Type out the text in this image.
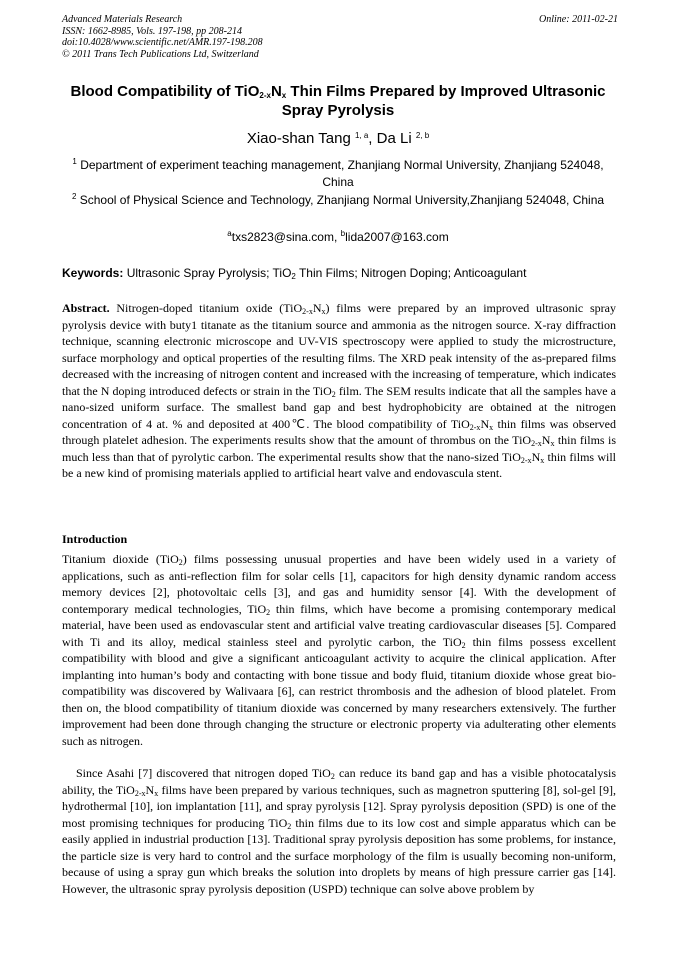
Advanced Materials Research
ISSN: 1662-8985, Vols. 197-198, pp 208-214
doi:10.4028/www.scientific.net/AMR.197-198.208
© 2011 Trans Tech Publications Ltd, Switzerland
Online: 2011-02-21
Blood Compatibility of $TiO_{2-x}N_x$ Thin Films Prepared by Improved Ultrasonic Spray Pyrolysis
Xiao-shan Tang $^{1, a}$, Da Li $^{2, b}$
$^1$ Department of experiment teaching management, Zhanjiang Normal University, Zhanjiang 524048, China
$^2$ School of Physical Science and Technology, Zhanjiang Normal University,Zhanjiang 524048, China
$^a$txs2823@sina.com, $^b$lida2007@163.com
Keywords: Ultrasonic Spray Pyrolysis; TiO$_2$ Thin Films; Nitrogen Doping; Anticoagulant
Abstract. Nitrogen-doped titanium oxide $(TiO_{2-x}N_x)$ films were prepared by an improved ultrasonic spray pyrolysis device with buty1 titanate as the titanium source and ammonia as the nitrogen source. X-ray diffraction technique, scanning electronic microscope and UV-VIS spectroscopy were applied to study the microstructure, surface morphology and optical properties of the resulting films. The XRD peak intensity of the as-prepared films decreased with the increasing of nitrogen content and increased with the increasing of temperature, which indicates that the N doping introduced defects or strain in the TiO$_2$ film. The SEM results indicate that all the samples have a nano-sized uniform surface. The smallest band gap and best hydrophobicity are obtained at the nitrogen concentration of 4 at. % and deposited at 400℃. The blood compatibility of $TiO_{2-x}N_x$ thin films was observed through platelet adhesion. The experiments results show that the amount of thrombus on the $TiO_{2-x}N_x$ thin films is much less than that of pyrolytic carbon. The experimental results show that the nano-sized $TiO_{2-x}N_x$ thin films will be a new kind of promising materials applied to artificial heart valve and endovascula stent.
Introduction
Titanium dioxide (TiO$_2$) films possessing unusual properties and have been widely used in a variety of applications, such as anti-reflection film for solar cells [1], capacitors for high density dynamic random access memory devices [2], photovoltaic cells [3], and gas and humidity sensor [4]. With the development of contemporary medical technologies, TiO$_2$ thin films, which have become a promising contemporary medical material, have been used as endovascular stent and artificial valve treating cardiovascular diseases [5]. Compared with Ti and its alloy, medical stainless steel and pyrolytic carbon, the TiO$_2$ thin films possess excellent compatibility with blood and give a significant anticoagulant activity to acquire the clinical application. After implanting into human’s body and contacting with bone tissue and body fluid, titanium dioxide whose great bio-compatibility was discovered by Walivaara [6], can restrict thrombosis and the adhesion of blood platelet. From then on, the blood compatibility of titanium dioxide was concerned by many researchers extensively. The further improvement had been done through changing the structure or electronic property via adulterating other elements such as nitrogen.
Since Asahi [7] discovered that nitrogen doped TiO$_2$ can reduce its band gap and has a visible photocatalysis ability, the $TiO_{2-x}N_x$ films have been prepared by various techniques, such as magnetron sputtering [8], sol-gel [9], hydrothermal [10], ion implantation [11], and spray pyrolysis [12]. Spray pyrolysis deposition (SPD) is one of the most promising techniques for producing TiO$_2$ thin films due to its low cost and simple apparatus which can be easily applied in industrial production [13]. Traditional spray pyrolysis deposition has some problems, for instance, the particle size is very hard to control and the surface morphology of the film is usually becoming non-uniform, because of using a spray gun which breaks the solution into droplets by means of high pressure carrier gas [14]. However, the ultrasonic spray pyrolysis deposition (USPD) technique can solve above problem by
